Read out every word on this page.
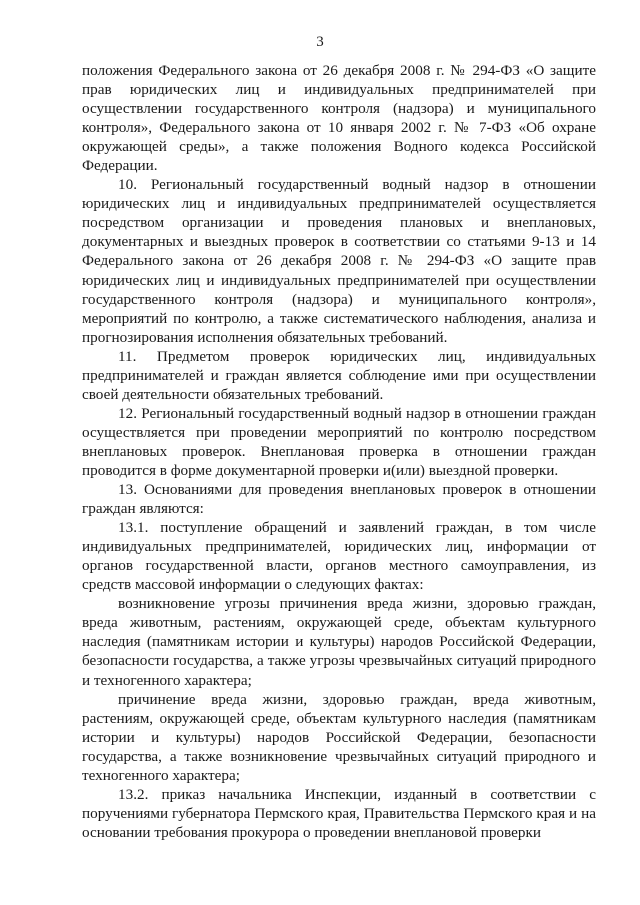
3

положения Федерального закона от 26 декабря 2008 г. № 294-ФЗ «О защите прав юридических лиц и индивидуальных предпринимателей при осуществлении государственного контроля (надзора) и муниципального контроля», Федерального закона от 10 января 2002 г. № 7-ФЗ «Об охране окружающей среды», а также положения Водного кодекса Российской Федерации.

10. Региональный государственный водный надзор в отношении юридических лиц и индивидуальных предпринимателей осуществляется посредством организации и проведения плановых и внеплановых, документарных и выездных проверок в соответствии со статьями 9-13 и 14 Федерального закона от 26 декабря 2008 г. № 294-ФЗ «О защите прав юридических лиц и индивидуальных предпринимателей при осуществлении государственного контроля (надзора) и муниципального контроля», мероприятий по контролю, а также систематического наблюдения, анализа и прогнозирования исполнения обязательных требований.

11. Предметом проверок юридических лиц, индивидуальных предпринимателей и граждан является соблюдение ими при осуществлении своей деятельности обязательных требований.

12. Региональный государственный водный надзор в отношении граждан осуществляется при проведении мероприятий по контролю посредством внеплановых проверок. Внеплановая проверка в отношении граждан проводится в форме документарной проверки и(или) выездной проверки.

13. Основаниями для проведения внеплановых проверок в отношении граждан являются:

13.1. поступление обращений и заявлений граждан, в том числе индивидуальных предпринимателей, юридических лиц, информации от органов государственной власти, органов местного самоуправления, из средств массовой информации о следующих фактах:

возникновение угрозы причинения вреда жизни, здоровью граждан, вреда животным, растениям, окружающей среде, объектам культурного наследия (памятникам истории и культуры) народов Российской Федерации, безопасности государства, а также угрозы чрезвычайных ситуаций природного и техногенного характера;

причинение вреда жизни, здоровью граждан, вреда животным, растениям, окружающей среде, объектам культурного наследия (памятникам истории и культуры) народов Российской Федерации, безопасности государства, а также возникновение чрезвычайных ситуаций природного и техногенного характера;

13.2. приказ начальника Инспекции, изданный в соответствии с поручениями губернатора Пермского края, Правительства Пермского края и на основании требования прокурора о проведении внеплановой проверки
